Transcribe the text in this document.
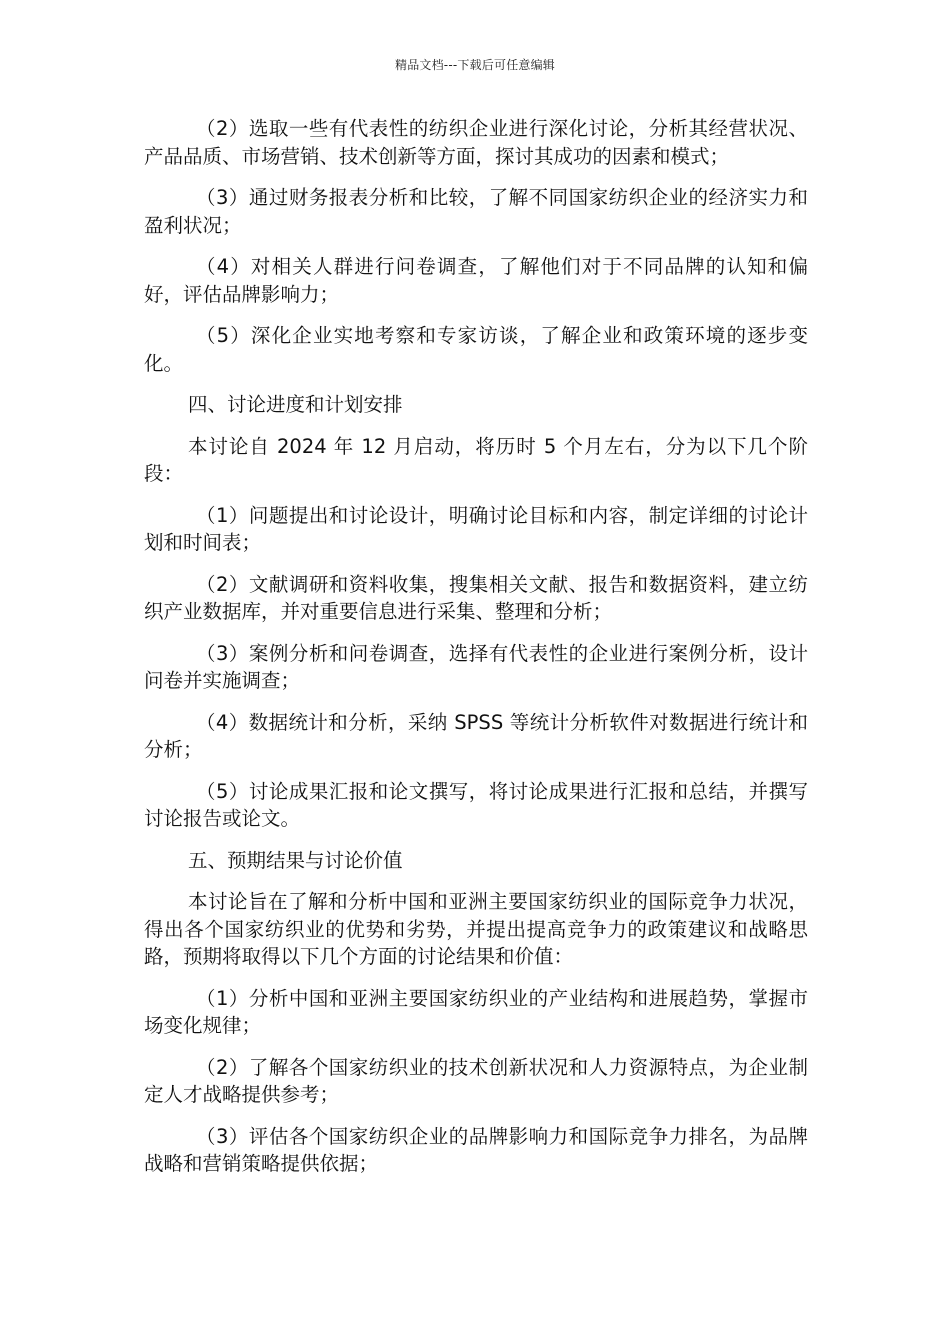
精品文档---下载后可任意编辑

（2）选取一些有代表性的纺织企业进行深化讨论，分析其经营状况、产品品质、市场营销、技术创新等方面，探讨其成功的因素和模式；

（3）通过财务报表分析和比较，了解不同国家纺织企业的经济实力和盈利状况；

（4）对相关人群进行问卷调查，了解他们对于不同品牌的认知和偏好，评估品牌影响力；

（5）深化企业实地考察和专家访谈，了解企业和政策环境的逐步变化。

四、讨论进度和计划安排

本讨论自 2024 年 12 月启动，将历时 5 个月左右，分为以下几个阶段：

（1）问题提出和讨论设计，明确讨论目标和内容，制定详细的讨论计划和时间表；

（2）文献调研和资料收集，搜集相关文献、报告和数据资料，建立纺织产业数据库，并对重要信息进行采集、整理和分析；

（3）案例分析和问卷调查，选择有代表性的企业进行案例分析，设计问卷并实施调查；

（4）数据统计和分析，采纳 SPSS 等统计分析软件对数据进行统计和分析；

（5）讨论成果汇报和论文撰写，将讨论成果进行汇报和总结，并撰写讨论报告或论文。

五、预期结果与讨论价值

本讨论旨在了解和分析中国和亚洲主要国家纺织业的国际竞争力状况，得出各个国家纺织业的优势和劣势，并提出提高竞争力的政策建议和战略思路，预期将取得以下几个方面的讨论结果和价值：

（1）分析中国和亚洲主要国家纺织业的产业结构和进展趋势，掌握市场变化规律；

（2）了解各个国家纺织业的技术创新状况和人力资源特点，为企业制定人才战略提供参考；

（3）评估各个国家纺织企业的品牌影响力和国际竞争力排名，为品牌战略和营销策略提供依据；
